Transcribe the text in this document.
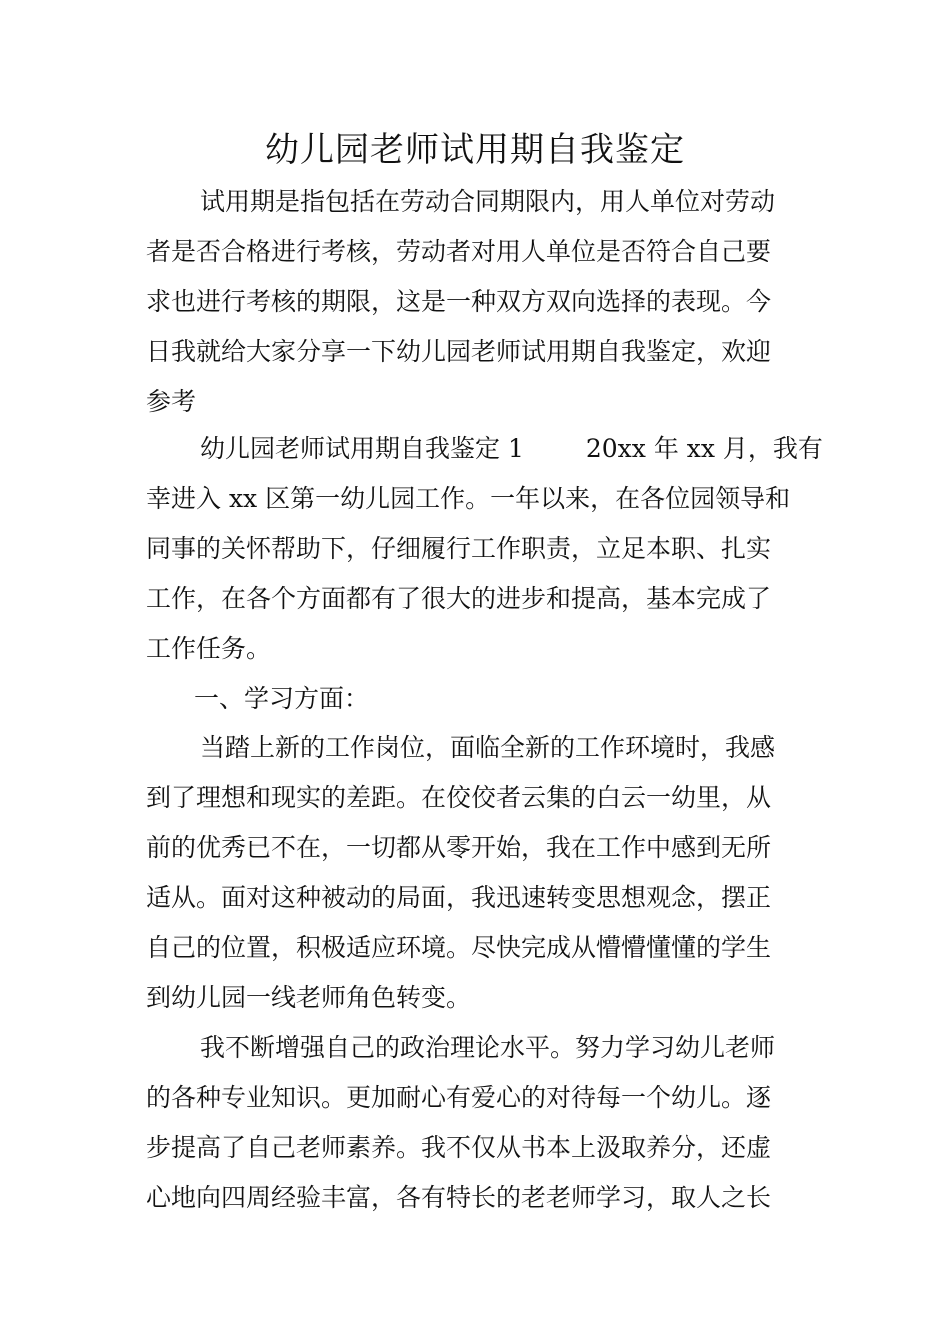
幼儿园老师试用期自我鉴定

试用期是指包括在劳动合同期限内，用人单位对劳动

者是否合格进行考核，劳动者对用人单位是否符合自己要

求也进行考核的期限，这是一种双方双向选择的表现。今

日我就给大家分享一下幼儿园老师试用期自我鉴定，欢迎

参考

幼儿园老师试用期自我鉴定 1 20xx 年 xx 月，我有

幸进入 xx 区第一幼儿园工作。一年以来，在各位园领导和

同事的关怀帮助下，仔细履行工作职责，立足本职、扎实

工作，在各个方面都有了很大的进步和提高，基本完成了

工作任务。

一、学习方面：

当踏上新的工作岗位，面临全新的工作环境时，我感

到了理想和现实的差距。在佼佼者云集的白云一幼里，从

前的优秀已不在，一切都从零开始，我在工作中感到无所

适从。面对这种被动的局面，我迅速转变思想观念，摆正

自己的位置，积极适应环境。尽快完成从懵懵懂懂的学生

到幼儿园一线老师角色转变。

我不断增强自己的政治理论水平。努力学习幼儿老师

的各种专业知识。更加耐心有爱心的对待每一个幼儿。逐

步提高了自己老师素养。我不仅从书本上汲取养分，还虚

心地向四周经验丰富，各有特长的老老师学习，取人之长
